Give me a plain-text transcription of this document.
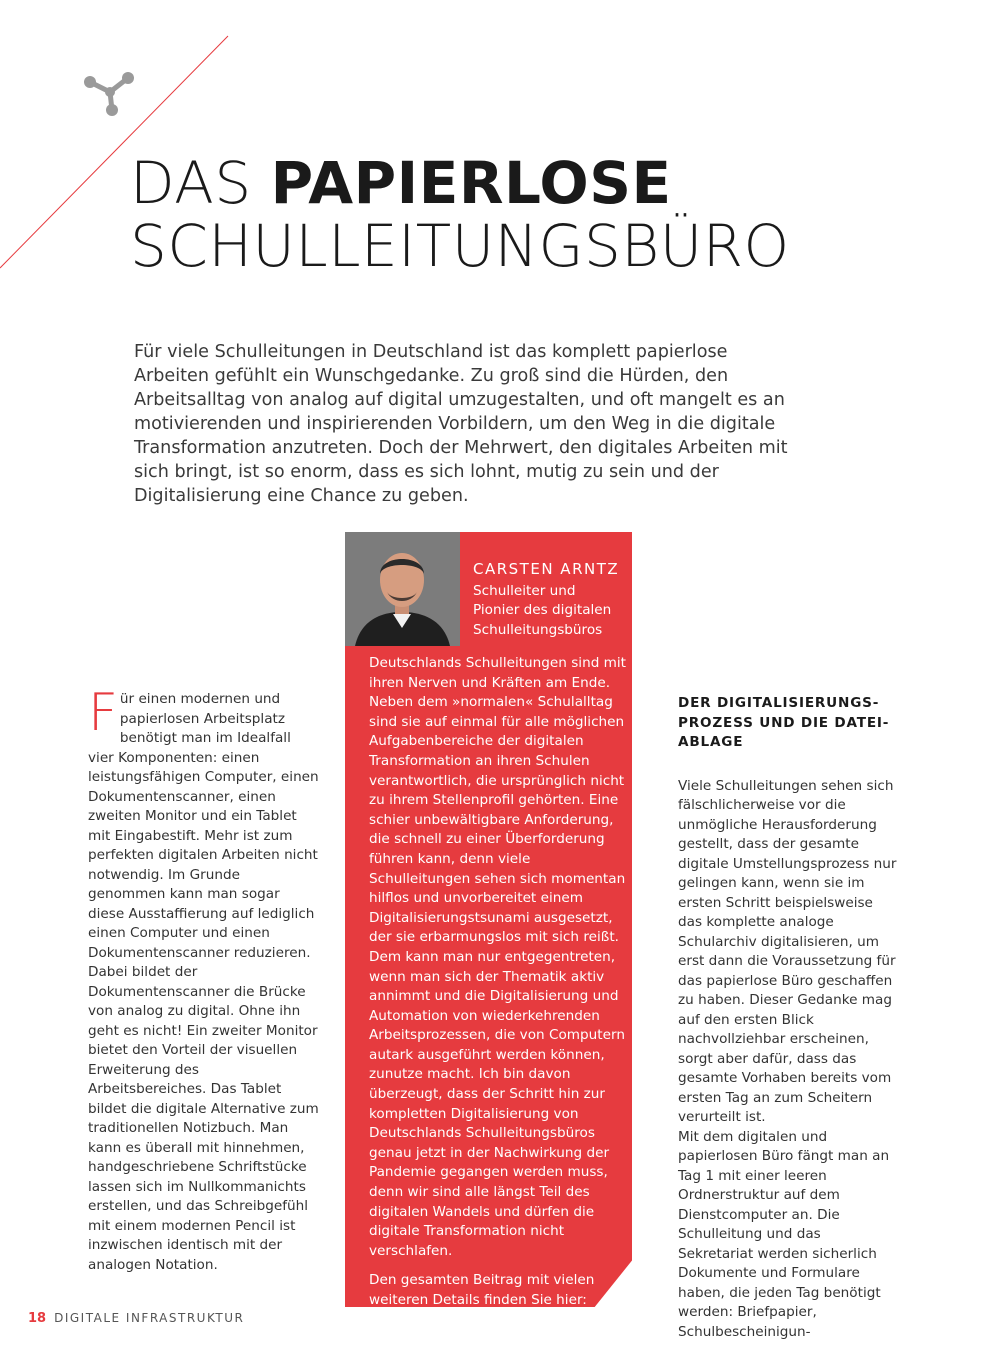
DAS PAPIERLOSE
SCHULLEITUNGSBÜRO

Für viele Schulleitungen in Deutschland ist das komplett papierlose Arbeiten gefühlt ein Wunschgedanke. Zu groß sind die Hürden, den Arbeitsalltag von analog auf digital umzugestalten, und oft mangelt es an motivierenden und inspirierenden Vorbildern, um den Weg in die digitale Transformation anzutreten. Doch der Mehrwert, den digitales Arbeiten mit sich bringt, ist so enorm, dass es sich lohnt, mutig zu sein und der Digitalisierung eine Chance zu geben.

CARSTEN ARNTZ
Schulleiter und Pionier des digitalen Schulleitungsbüros

Deutschlands Schulleitungen sind mit ihren Nerven und Kräften am Ende. Neben dem »normalen« Schulalltag sind sie auf einmal für alle möglichen Aufgabenbereiche der digitalen Transformation an ihren Schulen verantwortlich, die ursprünglich nicht zu ihrem Stellenprofil gehörten. Eine schier unbewältigbare Anforderung, die schnell zu einer Überforderung führen kann, denn viele Schulleitungen sehen sich momentan hilflos und unvorbereitet einem Digitalisierungstsunami ausgesetzt, der sie erbarmungslos mit sich reißt. Dem kann man nur entgegentreten, wenn man sich der Thematik aktiv annimmt und die Digitalisierung und Automation von wiederkehrenden Arbeitsprozessen, die von Computern autark ausgeführt werden können, zunutze macht. Ich bin davon überzeugt, dass der Schritt hin zur kompletten Digitalisierung von Deutschlands Schulleitungsbüros genau jetzt in der Nachwirkung der Pandemie gegangen werden muss, denn wir sind alle längst Teil des digitalen Wandels und dürfen die digitale Transformation nicht verschlafen.

Den gesamten Beitrag mit vielen weiteren Details finden Sie hier:
https://excitingedu.de/schulleitung

Für einen modernen und papierlosen Arbeitsplatz benötigt man im Idealfall vier Komponenten: einen leistungsfähigen Computer, einen Dokumentenscanner, einen zweiten Monitor und ein Tablet mit Eingabestift. Mehr ist zum perfekten digitalen Arbeiten nicht notwendig. Im Grunde genommen kann man sogar diese Ausstaffierung auf lediglich einen Computer und einen Dokumentenscanner reduzieren. Dabei bildet der Dokumentenscanner die Brücke von analog zu digital. Ohne ihn geht es nicht! Ein zweiter Monitor bietet den Vorteil der visuellen Erweiterung des Arbeitsbereiches. Das Tablet bildet die digitale Alternative zum traditionellen Notizbuch. Man kann es überall mit hinnehmen, handgeschriebene Schriftstücke lassen sich im Nullkommanichts erstellen, und das Schreibgefühl mit einem modernen Pencil ist inzwischen identisch mit der analogen Notation.

DER DIGITALISIERUNGS-PROZESS UND DIE DATEI-ABLAGE

Viele Schulleitungen sehen sich fälschlicherweise vor die unmögliche Herausforderung gestellt, dass der gesamte digitale Umstellungsprozess nur gelingen kann, wenn sie im ersten Schritt beispielsweise das komplette analoge Schularchiv digitalisieren, um erst dann die Voraussetzung für das papierlose Büro geschaffen zu haben. Dieser Gedanke mag auf den ersten Blick nachvollziehbar erscheinen, sorgt aber dafür, dass das gesamte Vorhaben bereits vom ersten Tag an zum Scheitern verurteilt ist.

Mit dem digitalen und papierlosen Büro fängt man an Tag 1 mit einer leeren Ordnerstruktur auf dem Dienstcomputer an. Die Schulleitung und das Sekretariat werden sicherlich Dokumente und Formulare haben, die jeden Tag benötigt werden: Briefpapier, Schulbescheinigun-

18 DIGITALE INFRASTRUKTUR
